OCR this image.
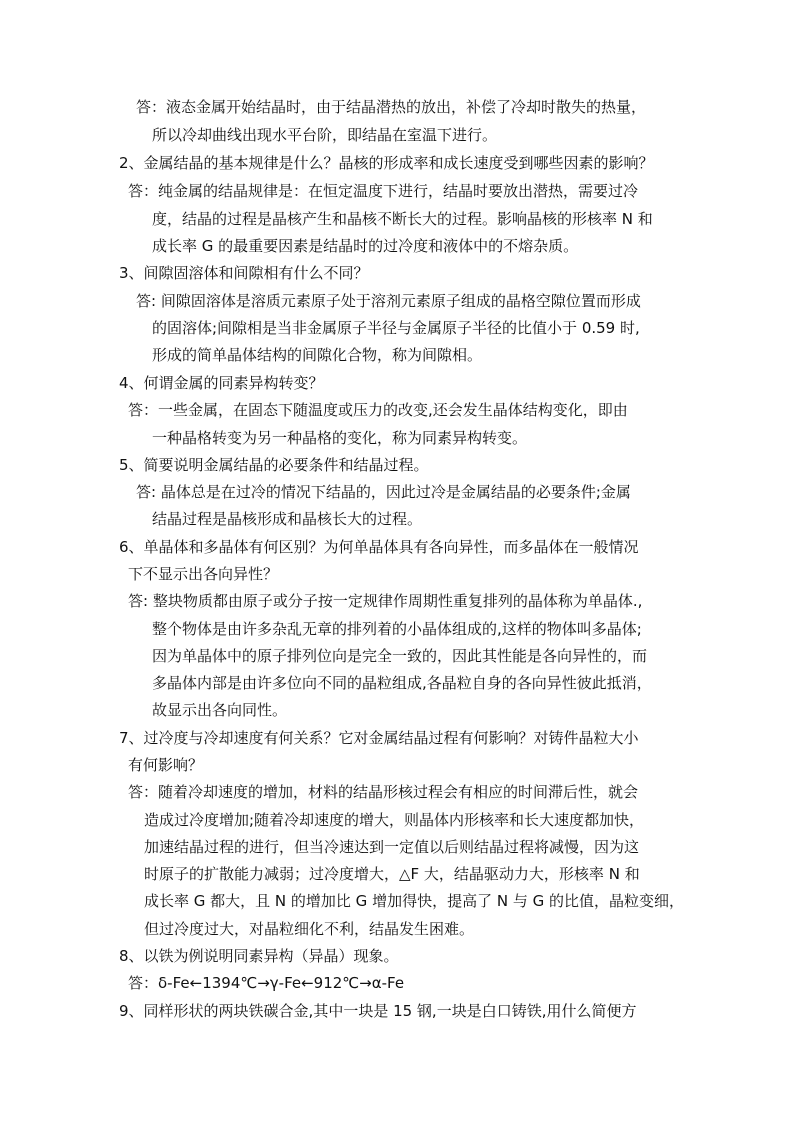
答：液态金属开始结晶时，由于结晶潜热的放出，补偿了冷却时散失的热量，
所以冷却曲线出现水平台阶，即结晶在室温下进行。
2、金属结晶的基本规律是什么？晶核的形成率和成长速度受到哪些因素的影响？
答：纯金属的结晶规律是：在恒定温度下进行，结晶时要放出潜热，需要过冷
度，结晶的过程是晶核产生和晶核不断长大的过程。影响晶核的形核率 N 和
成长率 G 的最重要因素是结晶时的过冷度和液体中的不熔杂质。
3、间隙固溶体和间隙相有什么不同？
答: 间隙固溶体是溶质元素原子处于溶剂元素原子组成的晶格空隙位置而形成
的固溶体;间隙相是当非金属原子半径与金属原子半径的比值小于 0.59 时,
形成的简单晶体结构的间隙化合物，称为间隙相。
4、何谓金属的同素异构转变？
答：一些金属，在固态下随温度或压力的改变,还会发生晶体结构变化，即由
一种晶格转变为另一种晶格的变化，称为同素异构转变。
5、简要说明金属结晶的必要条件和结晶过程。
答: 晶体总是在过冷的情况下结晶的，因此过冷是金属结晶的必要条件;金属
结晶过程是晶核形成和晶核长大的过程。
6、单晶体和多晶体有何区别？为何单晶体具有各向异性，而多晶体在一般情况
下不显示出各向异性？
答: 整块物质都由原子或分子按一定规律作周期性重复排列的晶体称为单晶体.,
整个物体是由许多杂乱无章的排列着的小晶体组成的,这样的物体叫多晶体;
因为单晶体中的原子排列位向是完全一致的，因此其性能是各向异性的，而
多晶体内部是由许多位向不同的晶粒组成,各晶粒自身的各向异性彼此抵消，
故显示出各向同性。
7、过冷度与冷却速度有何关系？它对金属结晶过程有何影响？对铸件晶粒大小
有何影响？
答：随着冷却速度的增加，材料的结晶形核过程会有相应的时间滞后性，就会
造成过冷度增加;随着冷却速度的增大，则晶体内形核率和长大速度都加快，
加速结晶过程的进行，但当冷速达到一定值以后则结晶过程将减慢，因为这
时原子的扩散能力减弱；过冷度增大，△F 大，结晶驱动力大，形核率 N 和
成长率 G 都大，且 N 的增加比 G 增加得快，提高了 N 与 G 的比值，晶粒变细，
但过冷度过大，对晶粒细化不利，结晶发生困难。
8、以铁为例说明同素异构（异晶）现象。
答：δ-Fe←1394℃→γ-Fe←912℃→α-Fe
9、同样形状的两块铁碳合金,其中一块是 15 钢,一块是白口铸铁,用什么简便方
